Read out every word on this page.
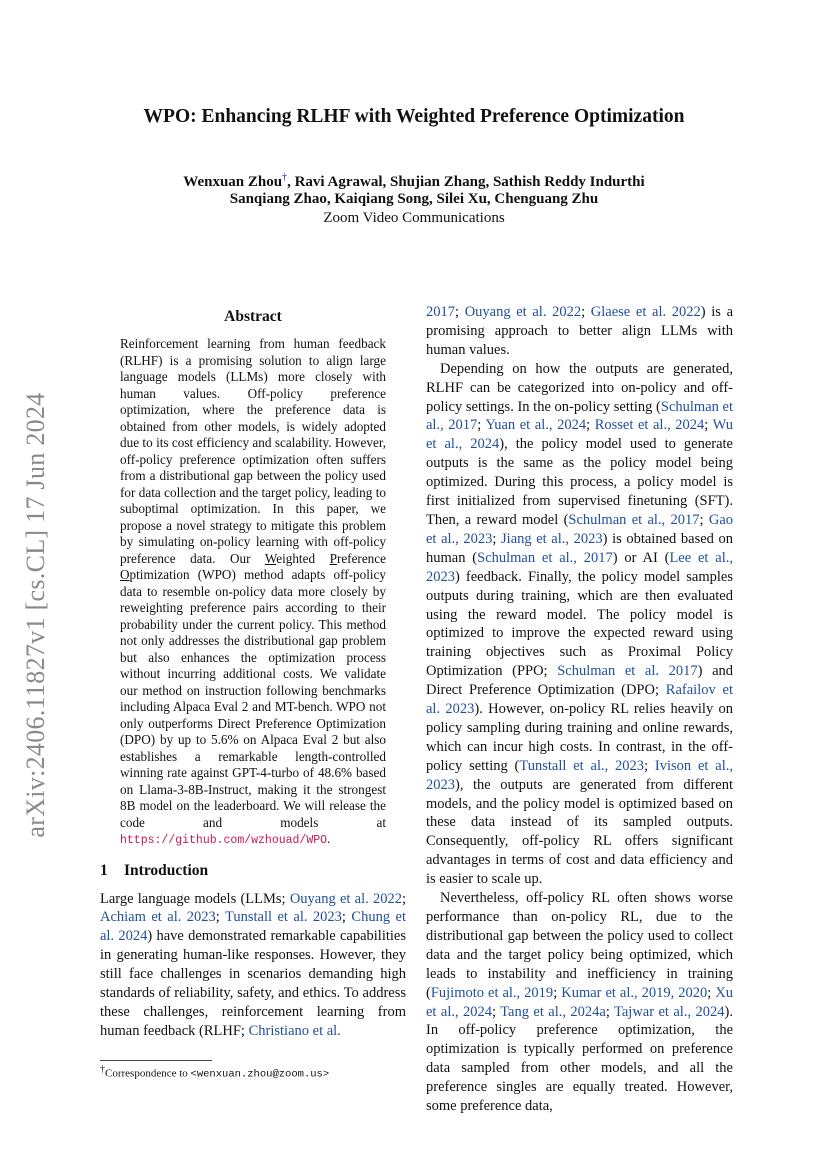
arXiv:2406.11827v1 [cs.CL] 17 Jun 2024
WPO: Enhancing RLHF with Weighted Preference Optimization
Wenxuan Zhou†, Ravi Agrawal, Shujian Zhang, Sathish Reddy Indurthi
Sanqiang Zhao, Kaiqiang Song, Silei Xu, Chenguang Zhu
Zoom Video Communications
Abstract
Reinforcement learning from human feedback (RLHF) is a promising solution to align large language models (LLMs) more closely with human values. Off-policy preference optimization, where the preference data is obtained from other models, is widely adopted due to its cost efficiency and scalability. However, off-policy preference optimization often suffers from a distributional gap between the policy used for data collection and the target policy, leading to suboptimal optimization. In this paper, we propose a novel strategy to mitigate this problem by simulating on-policy learning with off-policy preference data. Our Weighted Preference Optimization (WPO) method adapts off-policy data to resemble on-policy data more closely by reweighting preference pairs according to their probability under the current policy. This method not only addresses the distributional gap problem but also enhances the optimization process without incurring additional costs. We validate our method on instruction following benchmarks including Alpaca Eval 2 and MT-bench. WPO not only outperforms Direct Preference Optimization (DPO) by up to 5.6% on Alpaca Eval 2 but also establishes a remarkable length-controlled winning rate against GPT-4-turbo of 48.6% based on Llama-3-8B-Instruct, making it the strongest 8B model on the leaderboard. We will release the code and models at https://github.com/wzhouad/WPO.
1 Introduction

Large language models (LLMs; Ouyang et al. 2022; Achiam et al. 2023; Tunstall et al. 2023; Chung et al. 2024) have demonstrated remarkable capabilities in generating human-like responses. However, they still face challenges in scenarios demanding high standards of reliability, safety, and ethics. To address these challenges, reinforcement learning from human feedback (RLHF; Christiano et al.

2017; Ouyang et al. 2022; Glaese et al. 2022) is a promising approach to better align LLMs with human values.

Depending on how the outputs are generated, RLHF can be categorized into on-policy and off-policy settings. In the on-policy setting (Schulman et al., 2017; Yuan et al., 2024; Rosset et al., 2024; Wu et al., 2024), the policy model used to generate outputs is the same as the policy model being optimized. During this process, a policy model is first initialized from supervised finetuning (SFT). Then, a reward model (Schulman et al., 2017; Gao et al., 2023; Jiang et al., 2023) is obtained based on human (Schulman et al., 2017) or AI (Lee et al., 2023) feedback. Finally, the policy model samples outputs during training, which are then evaluated using the reward model. The policy model is optimized to improve the expected reward using training objectives such as Proximal Policy Optimization (PPO; Schulman et al. 2017) and Direct Preference Optimization (DPO; Rafailov et al. 2023). However, on-policy RL relies heavily on policy sampling during training and online rewards, which can incur high costs. In contrast, in the off-policy setting (Tunstall et al., 2023; Ivison et al., 2023), the outputs are generated from different models, and the policy model is optimized based on these data instead of its sampled outputs. Consequently, off-policy RL offers significant advantages in terms of cost and data efficiency and is easier to scale up.

Nevertheless, off-policy RL often shows worse performance than on-policy RL, due to the distributional gap between the policy used to collect data and the target policy being optimized, which leads to instability and inefficiency in training (Fujimoto et al., 2019; Kumar et al., 2019, 2020; Xu et al., 2024; Tang et al., 2024a; Tajwar et al., 2024). In off-policy preference optimization, the optimization is typically performed on preference data sampled from other models, and all the preference singles are equally treated. However, some preference data,

†Correspondence to <wenxuan.zhou@zoom.us>
